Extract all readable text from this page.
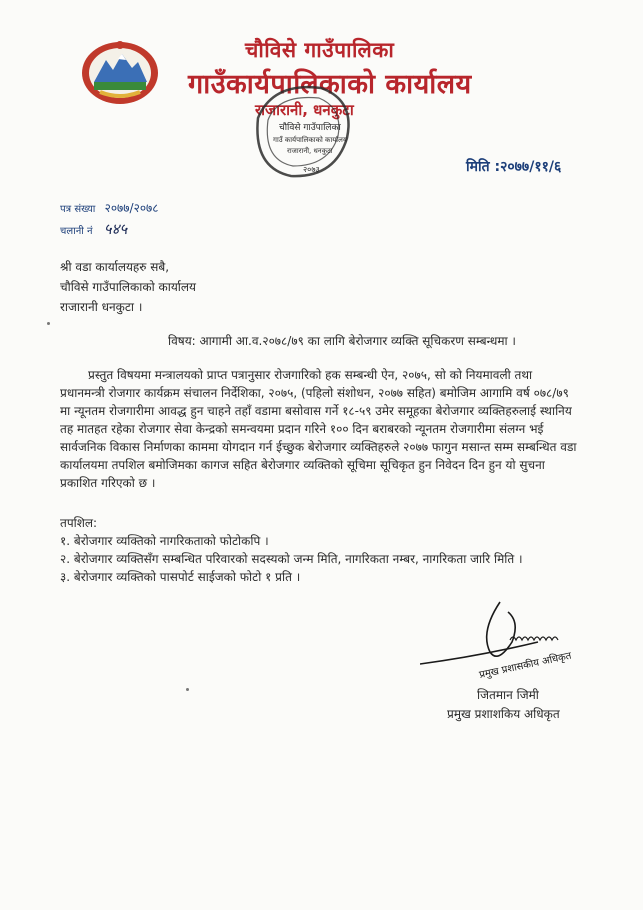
चौविसे गाउँपालिका
गाउँकार्यपालिकाको कार्यालय
राजारानी, धनकुटा
चौविसे गाउँपालिका
गाउँ कार्यपालिकाको कार्यालय
राजारानी, धनकुटा
२०७३	मिति :२०७७/११/६
पत्र संख्या २०७७/२०७८
चलानी नं ५४५
श्री वडा कार्यालयहरु सबै,
चौविसे गाउँपालिकाको कार्यालय
राजारानी धनकुटा ।
विषय: आगामी आ.व.२०७८/७९ का लागि बेरोजगार व्यक्ति सूचिकरण सम्बन्धमा ।
प्रस्तुत विषयमा मन्त्रालयको प्राप्त पत्रानुसार रोजगारिको हक सम्बन्धी ऐन, २०७५, सो को नियमावली तथा प्रधानमन्त्री रोजगार कार्यक्रम संचालन निर्देशिका, २०७५, (पहिलो संशोधन, २०७७ सहित) बमोजिम आगामि वर्ष ०७८/७९ मा न्यूनतम रोजगारीमा आवद्ध हुन चाहने तहाँ वडामा बसोवास गर्ने १८-५९ उमेर समूहका बेरोजगार व्यक्तिहरुलाई स्थानिय तह मातहत रहेका रोजगार सेवा केन्द्रको समन्वयमा प्रदान गरिने १०० दिन बराबरको न्यूनतम रोजगारीमा संलग्न भई सार्वजनिक विकास निर्माणका काममा योगदान गर्न ईच्छुक बेरोजगार व्यक्तिहरुले २०७७ फागुन मसान्त सम्म सम्बन्धित वडा कार्यालयमा तपशिल बमोजिमका कागज सहित बेरोजगार व्यक्तिको सूचिमा सूचिकृत हुन निवेदन दिन हुन यो सुचना प्रकाशित गरिएको छ ।
तपशिल:
१. बेरोजगार व्यक्तिको नागरिकताको फोटोकपि ।
२. बेरोजगार व्यक्तिसँग सम्बन्धित परिवारको सदस्यको जन्म मिति, नागरिकता नम्बर, नागरिकता जारि मिति ।
३. बेरोजगार व्यक्तिको पासपोर्ट साईजको फोटो १ प्रति ।
प्रमुख प्रशासकीय अधिकृत
जितमान जिमी
प्रमुख प्रशाशकिय अधिकृत
